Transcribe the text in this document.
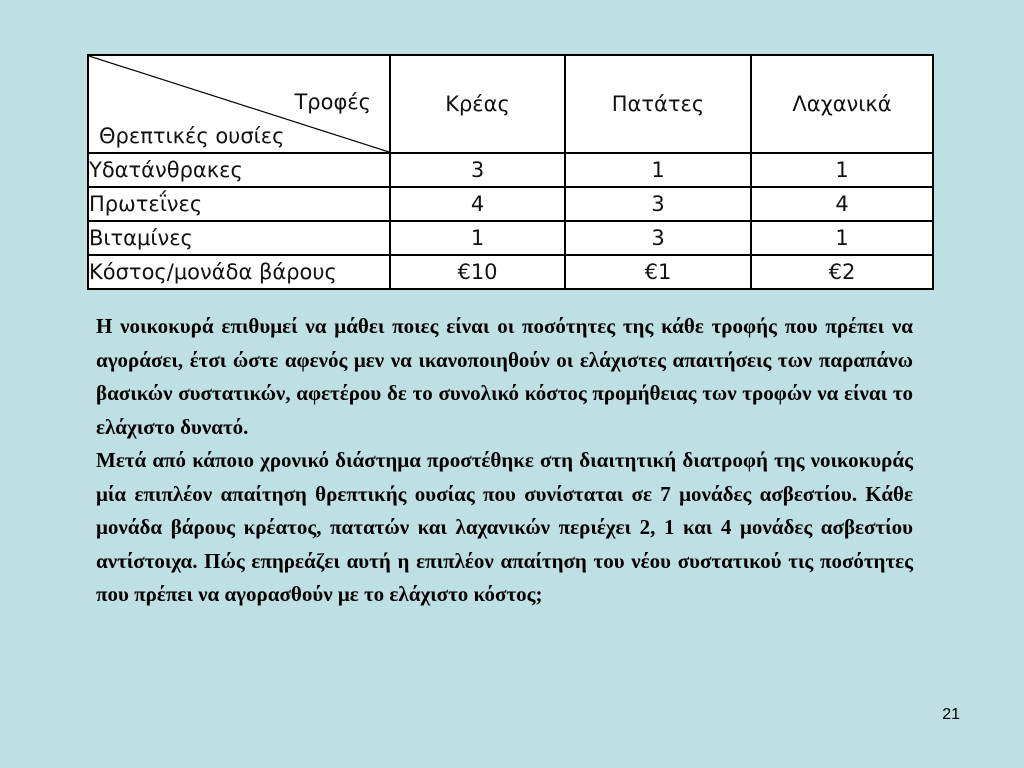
Τροφές
Θρεπτικές ουσίες	Κρέας	Πατάτες	Λαχανικά
Υδατάνθρακες	3	1	1
Πρωτεΐνες	4	3	4
Βιταμίνες	1	3	1
Κόστος/μονάδα βάρους	€10	€1	€2

Η νοικοκυρά επιθυμεί να μάθει ποιες είναι οι ποσότητες της κάθε τροφής που πρέπει να αγοράσει, έτσι ώστε αφενός μεν να ικανοποιηθούν οι ελάχιστες απαιτήσεις των παραπάνω βασικών συστατικών, αφετέρου δε το συνολικό κόστος προμήθειας των τροφών να είναι το ελάχιστο δυνατό.

Μετά από κάποιο χρονικό διάστημα προστέθηκε στη διαιτητική διατροφή της νοικοκυράς μία επιπλέον απαίτηση θρεπτικής ουσίας που συνίσταται σε 7 μονάδες ασβεστίου. Κάθε μονάδα βάρους κρέατος, πατατών και λαχανικών περιέχει 2, 1 και 4 μονάδες ασβεστίου αντίστοιχα. Πώς επηρεάζει αυτή η επιπλέον απαίτηση του νέου συστατικού τις ποσότητες που πρέπει να αγορασθούν με το ελάχιστο κόστος;

21
